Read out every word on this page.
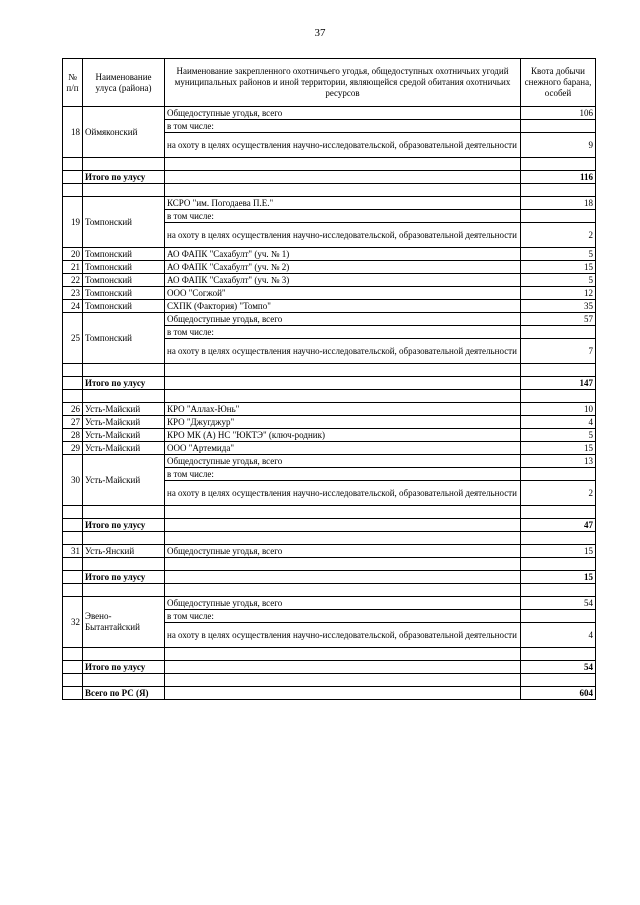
37
№ п/п	Наименование улуса (района)	Наименование закрепленного охотничьего угодья, общедоступных охотничьих угодий муниципальных районов и иной территории, являющейся средой обитания охотничьих ресурсов	Квота добычи снежного барана, особей
18	Оймяконский	Общедоступные угодья, всего	106
		в том числе:	
		на охоту в целях осуществления научно-исследовательской, образовательной деятельности	9

	Итого по улусу		116

19	Томпонский	КСРО "им. Погодаева П.Е."	18
		в том числе:	
		на охоту в целях осуществления научно-исследовательской, образовательной деятельности	2
20	Томпонский	АО ФАПК "Сахабулт" (уч. № 1)	5
21	Томпонский	АО ФАПК "Сахабулт" (уч. № 2)	15
22	Томпонский	АО ФАПК "Сахабулт" (уч. № 3)	5
23	Томпонский	ООО "Согжой"	12
24	Томпонский	СХПК (Фактория) "Томпо"	35
25	Томпонский	Общедоступные угодья, всего	57
		в том числе:	
		на охоту в целях осуществления научно-исследовательской, образовательной деятельности	7

	Итого по улусу		147

26	Усть-Майский	КРО "Аллах-Юнь"	10
27	Усть-Майский	КРО "Джугджур"	4
28	Усть-Майский	КРО МК (А) НС "ЮКТЭ" (ключ-родник)	5
29	Усть-Майский	ООО "Артемида"	15
30	Усть-Майский	Общедоступные угодья, всего	13
		в том числе:	
		на охоту в целях осуществления научно-исследовательской, образовательной деятельности	2

	Итого по улусу		47

31	Усть-Янский	Общедоступные угодья, всего	15

	Итого по улусу		15

32	Эвено-Бытантайский	Общедоступные угодья, всего	54
		в том числе:	
		на охоту в целях осуществления научно-исследовательской, образовательной деятельности	4

	Итого по улусу		54

	Всего по РС (Я)		604
